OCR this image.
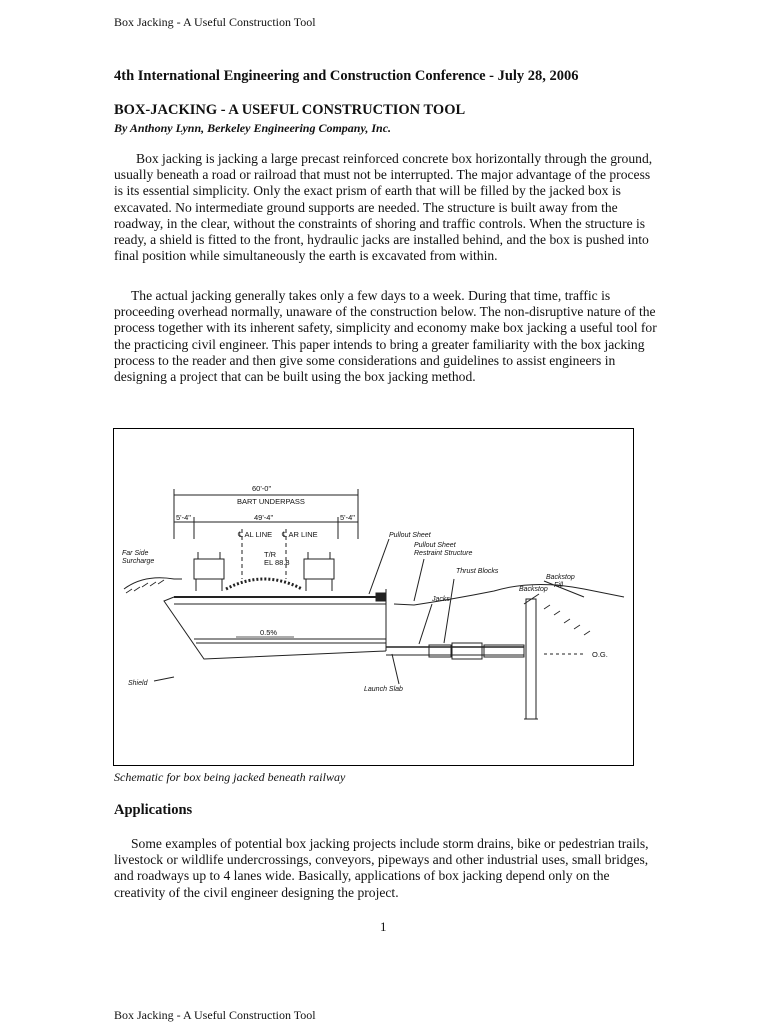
Box Jacking - A Useful Construction Tool
4th International Engineering and Construction Conference - July 28, 2006
BOX-JACKING - A USEFUL CONSTRUCTION TOOL
By Anthony Lynn, Berkeley Engineering Company, Inc.
Box jacking is jacking a large precast reinforced concrete box horizontally through the ground, usually beneath a road or railroad that must not be interrupted. The major advantage of the process is its essential simplicity. Only the exact prism of earth that will be filled by the jacked box is excavated. No intermediate ground supports are needed. The structure is built away from the roadway, in the clear, without the constraints of shoring and traffic controls. When the structure is ready, a shield is fitted to the front, hydraulic jacks are installed behind, and the box is pushed into final position while simultaneously the earth is excavated from within.
The actual jacking generally takes only a few days to a week. During that time, traffic is proceeding overhead normally, unaware of the construction below. The non-disruptive nature of the process together with its inherent safety, simplicity and economy make box jacking a useful tool for the practicing civil engineer. This paper intends to bring a greater familiarity with the box jacking process to the reader and then give some considerations and guidelines to assist engineers in designing a project that can be built using the box jacking method.
60'-0"
BART UNDERPASS
5'-4"	49'-4"	5'-4"
℄ AL LINE ℄ AR LINE
T/R
EL 88.8
0.5%
O.G.
Far Side
Surcharge
Pullout Sheet
Pullout Sheet
Restraint Structure
Thrust Blocks
Backstop
Fill
Backstop
Jacks
Shield
Launch Slab
Schematic for box being jacked beneath railway
Applications
Some examples of potential box jacking projects include storm drains, bike or pedestrian trails, livestock or wildlife undercrossings, conveyors, pipeways and other industrial uses, small bridges, and roadways up to 4 lanes wide. Basically, applications of box jacking depend only on the creativity of the civil engineer designing the project.
1
Box Jacking - A Useful Construction Tool
